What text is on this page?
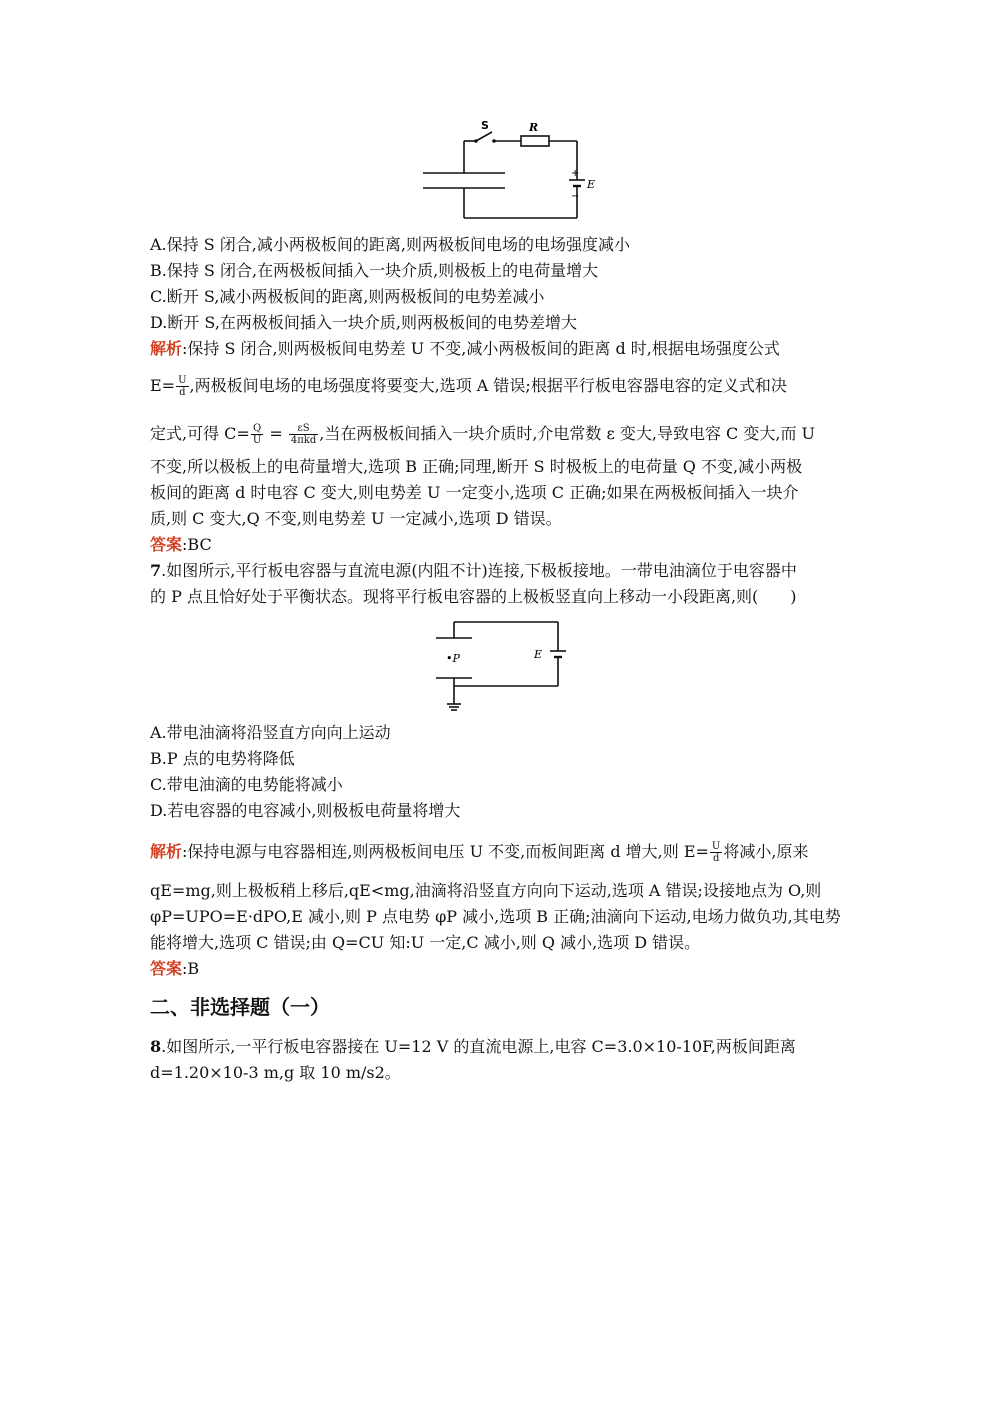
S	R
E
+
−

A.保持 S 闭合,减小两极板间的距离,则两极板间电场的电场强度减小

B.保持 S 闭合,在两极板间插入一块介质,则极板上的电荷量增大

C.断开 S,减小两极板间的距离,则两极板间的电势差减小

D.断开 S,在两极板间插入一块介质,则两极板间的电势差增大

解析:保持 S 闭合,则两极板间电势差 U 不变,减小两极板间的距离 d 时,根据电场强度公式

$E= \frac{U}{d}$ ,两极板间电场的电场强度将要变大,选项 A 错误;根据平行板电容器电容的定义式和决

定式,可得 $C= \frac{Q}{U} = \frac{\varepsilon S}{\text{4πkd}}$ ,当在两极板间插入一块介质时,介电常数 ε 变大,导致电容 C 变大,而 U

不变,所以极板上的电荷量增大,选项 B 正确;同理,断开 S 时极板上的电荷量 Q 不变,减小两极

板间的距离 d 时电容 C 变大,则电势差 U 一定变小,选项 C 正确;如果在两极板间插入一块介

质,则 C 变大,Q 不变,则电势差 U 一定减小,选项 D 错误。

答案:BC

7.如图所示,平行板电容器与直流电源(内阻不计)连接,下极板接地。一带电油滴位于电容器中

的 P 点且恰好处于平衡状态。现将平行板电容器的上极板竖直向上移动一小段距离,则(　　)

•P	E

A.带电油滴将沿竖直方向向上运动

B.P 点的电势将降低

C.带电油滴的电势能将减小

D.若电容器的电容减小,则极板电荷量将增大

解析:保持电源与电容器相连,则两极板间电压 U 不变,而板间距离 d 增大,则 $E= \frac{U}{d}$ 将减小,原来

qE=mg,则上极板稍上移后,qE<mg,油滴将沿竖直方向向下运动,选项 A 错误;设接地点为 O,则

φP=UPO=E·dPO,E 减小,则 P 点电势 φP 减小,选项 B 正确;油滴向下运动,电场力做负功,其电势

能将增大,选项 C 错误;由 Q=CU 知:U 一定,C 减小,则 Q 减小,选项 D 错误。

答案:B

二、非选择题（一）

8.如图所示,一平行板电容器接在 U=12 V 的直流电源上,电容 C=3.0×10-10F,两板间距离

d=1.20×10-3 m,g 取 10 m/s2。
